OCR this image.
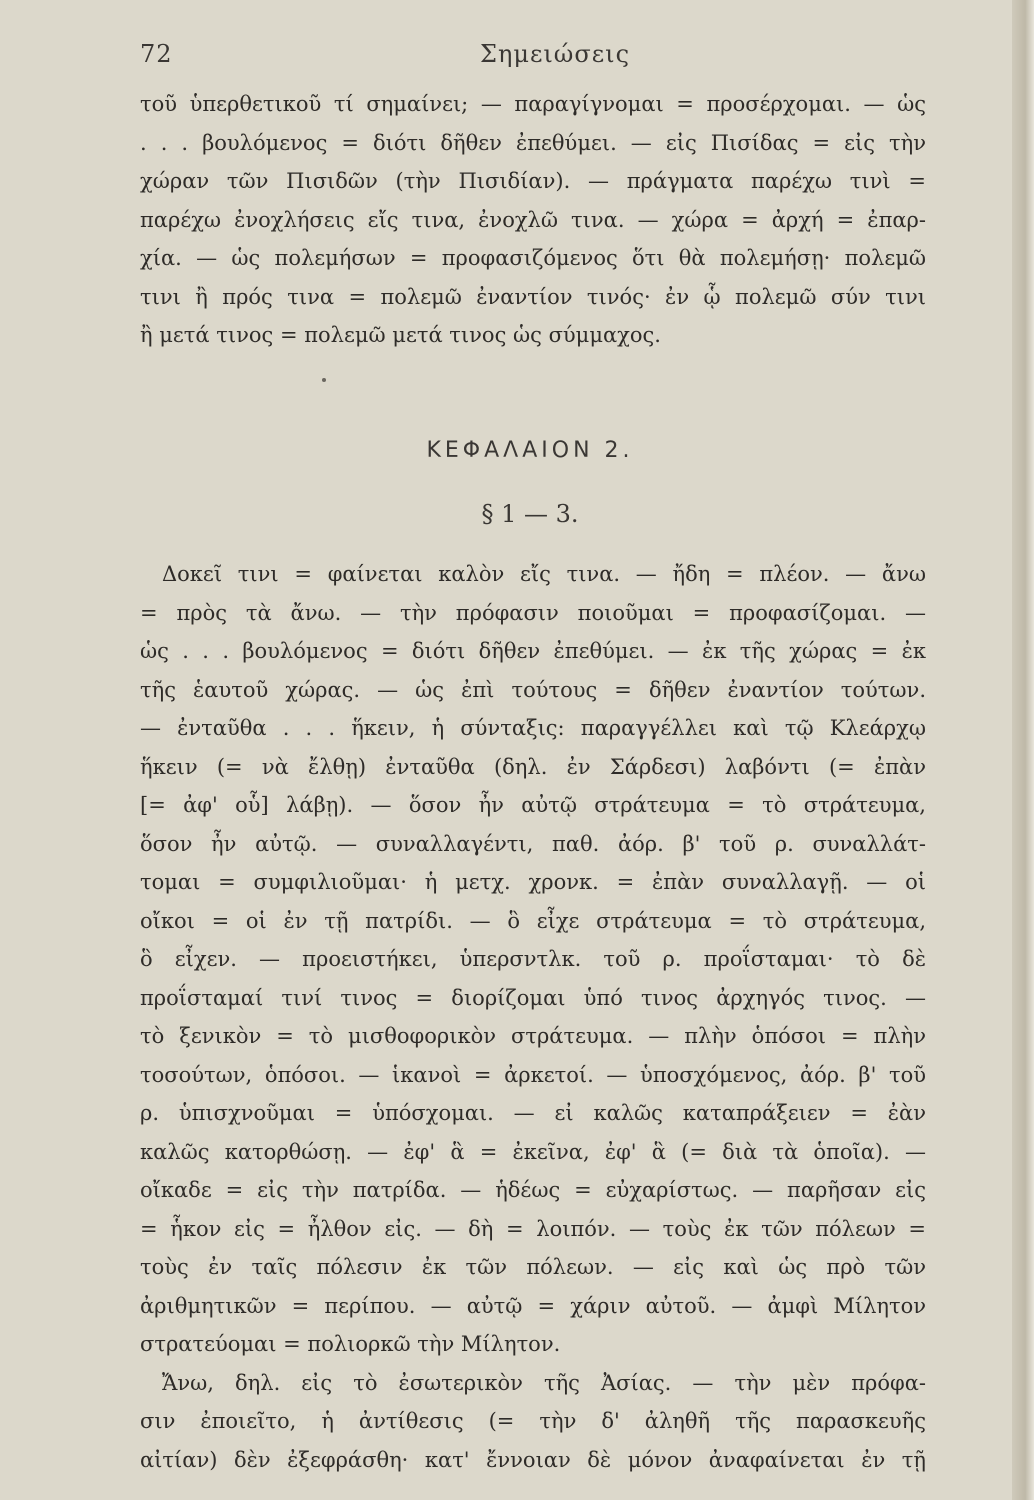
72	Σημειώσεις
τοῦ ὑπερθετικοῦ τί σημαίνει; — παραγίγνομαι = προσέρχομαι. — ὡς
. . . βουλόμενος = διότι δῆθεν ἐπεθύμει. — εἰς Πισίδας = εἰς τὴν
χώραν τῶν Πισιδῶν (τὴν Πισιδίαν). — πράγματα παρέχω τινὶ =
παρέχω ἐνοχλήσεις εἴς τινα, ἐνοχλῶ τινα. — χώρα = ἀρχή = ἐπαρ-
χία. — ὡς πολεμήσων = προφασιζόμενος ὅτι θὰ πολεμήσῃ· πολεμῶ
τινι ἢ πρός τινα = πολεμῶ ἐναντίον τινός· ἐν ᾧ πολεμῶ σύν τινι
ἢ μετά τινος = πολεμῶ μετά τινος ὡς σύμμαχος.
ΚΕΦΑΛΑΙΟΝ 2.
§ 1 — 3.
Δοκεῖ τινι = φαίνεται καλὸν εἴς τινα. — ἤδη = πλέον. — ἄνω
= πρὸς τὰ ἄνω. — τὴν πρόφασιν ποιοῦμαι = προφασίζομαι. —
ὡς . . . βουλόμενος = διότι δῆθεν ἐπεθύμει. — ἐκ τῆς χώρας = ἐκ
τῆς ἑαυτοῦ χώρας. — ὡς ἐπὶ τούτους = δῆθεν ἐναντίον τούτων.
— ἐνταῦθα . . . ἥκειν, ἡ σύνταξις: παραγγέλλει καὶ τῷ Κλεάρχῳ
ἥκειν (= νὰ ἔλθῃ) ἐνταῦθα (δηλ. ἐν Σάρδεσι) λαβόντι (= ἐπὰν
[= ἀφ' οὗ] λάβῃ). — ὅσον ἦν αὐτῷ στράτευμα = τὸ στράτευμα,
ὅσον ἦν αὐτῷ. — συναλλαγέντι, παθ. ἀόρ. β' τοῦ ρ. συναλλάτ-
τομαι = συμφιλιοῦμαι· ἡ μετχ. χρονκ. = ἐπὰν συναλλαγῇ. — οἱ
οἴκοι = οἱ ἐν τῇ πατρίδι. — ὃ εἶχε στράτευμα = τὸ στράτευμα,
ὃ εἶχεν. — προειστήκει, ὑπερσντλκ. τοῦ ρ. προΐσταμαι· τὸ δὲ
προΐσταμαί τινί τινος = διορίζομαι ὑπό τινος ἀρχηγός τινος. —
τὸ ξενικὸν = τὸ μισθοφορικὸν στράτευμα. — πλὴν ὁπόσοι = πλὴν
τοσούτων, ὁπόσοι. — ἱκανοὶ = ἀρκετοί. — ὑποσχόμενος, ἀόρ. β' τοῦ
ρ. ὑπισχνοῦμαι = ὑπόσχομαι. — εἰ καλῶς καταπράξειεν = ἐὰν
καλῶς κατορθώσῃ. — ἐφ' ἃ = ἐκεῖνα, ἐφ' ἃ (= διὰ τὰ ὁποῖα). —
οἴκαδε = εἰς τὴν πατρίδα. — ἡδέως = εὐχαρίστως. — παρῆσαν εἰς
= ἧκον εἰς = ἦλθον εἰς. — δὴ = λοιπόν. — τοὺς ἐκ τῶν πόλεων =
τοὺς ἐν ταῖς πόλεσιν ἐκ τῶν πόλεων. — εἰς καὶ ὡς πρὸ τῶν
ἀριθμητικῶν = περίπου. — αὐτῷ = χάριν αὐτοῦ. — ἀμφὶ Μίλητον
στρατεύομαι = πολιορκῶ τὴν Μίλητον.
Ἄνω, δηλ. εἰς τὸ ἐσωτερικὸν τῆς Ἀσίας. — τὴν μὲν πρόφα-
σιν ἐποιεῖτο, ἡ ἀντίθεσις (= τὴν δ' ἀληθῆ τῆς παρασκευῆς
αἰτίαν) δὲν ἐξεφράσθη· κατ' ἔννοιαν δὲ μόνον ἀναφαίνεται ἐν τῇ
